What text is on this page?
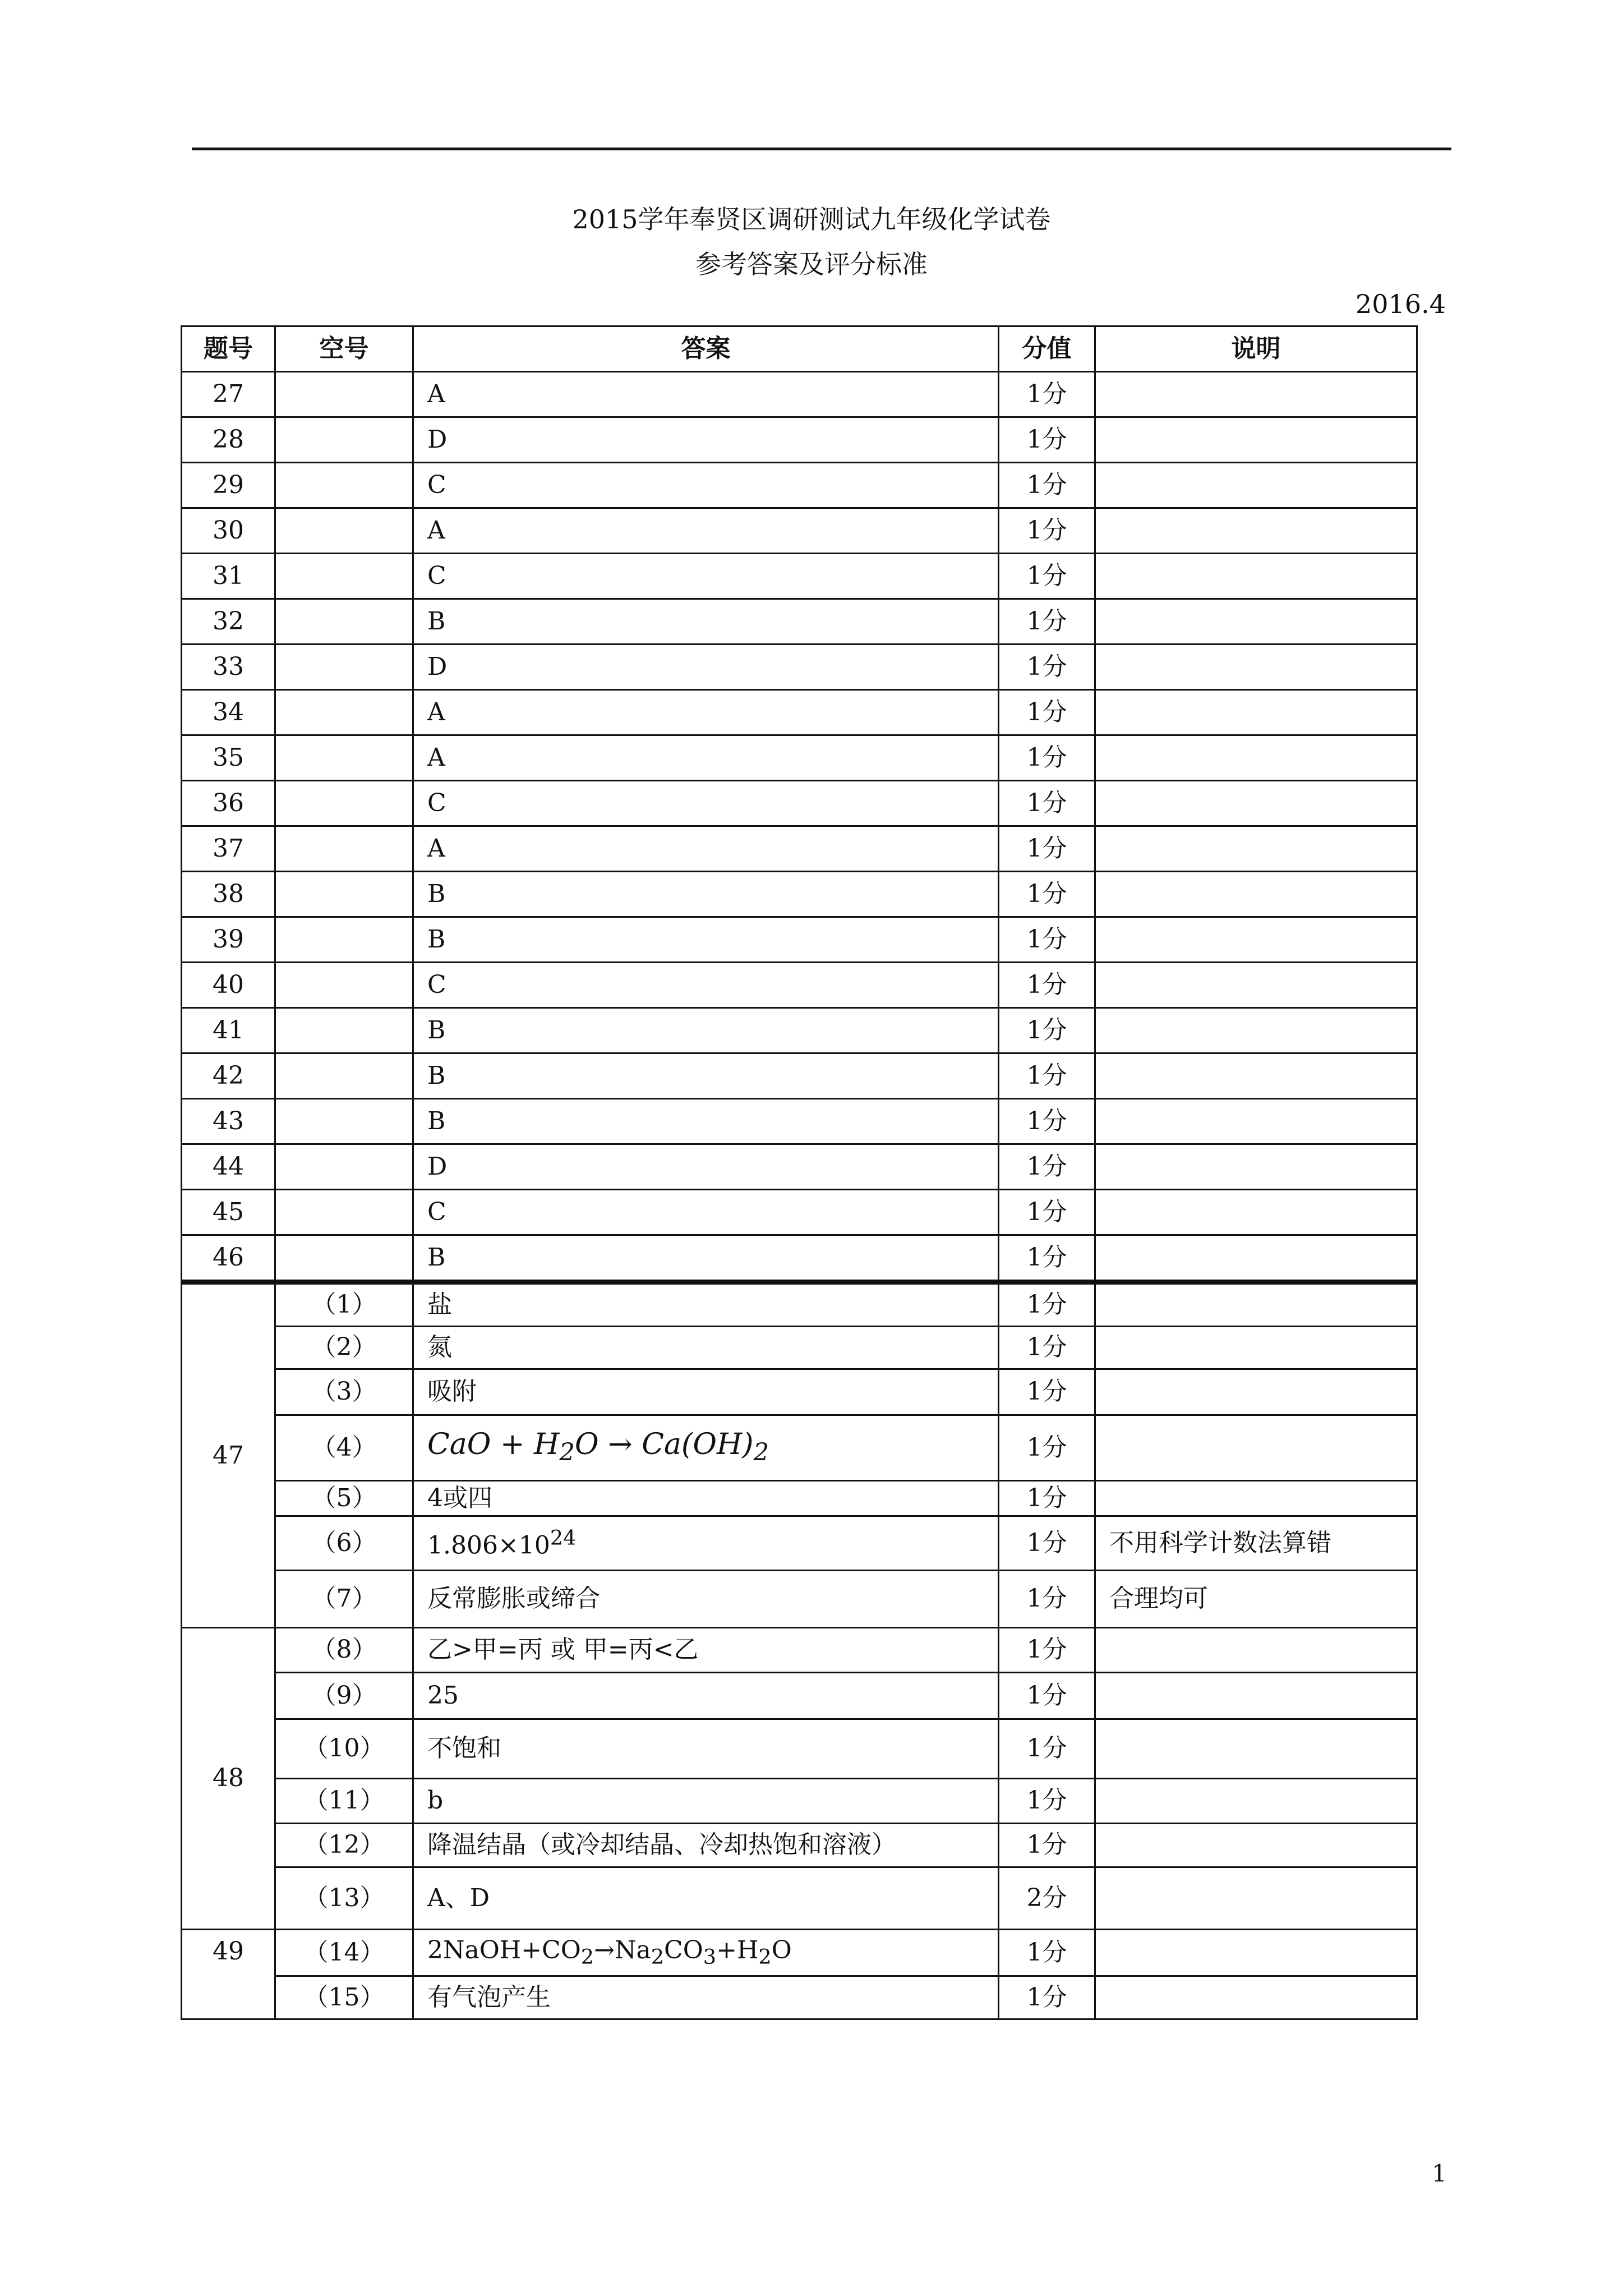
2015学年奉贤区调研测试九年级化学试卷
参考答案及评分标准
2016.4
题号	空号	答案	分值	说明
27		A	1分	
28		D	1分	
29		C	1分	
30		A	1分	
31		C	1分	
32		B	1分	
33		D	1分	
34		A	1分	
35		A	1分	
36		C	1分	
37		A	1分	
38		B	1分	
39		B	1分	
40		C	1分	
41		B	1分	
42		B	1分	
43		B	1分	
44		D	1分	
45		C	1分	
46		B	1分	
47	（1）	盐	1分	
	（2）	氮	1分	
	（3）	吸附	1分	
	（4）	CaO + $H_2O \to Ca(OH)_2$	1分	
	（5）	4或四	1分	
	（6）	$1.806\times 10^{24}$	1分	不用科学计数法算错
	（7）	反常膨胀或缔合	1分	合理均可
48	（8）	乙>甲=丙 或 甲=丙<乙	1分	
	（9）	25	1分	
	（10）	不饱和	1分	
	（11）	b	1分	
	（12）	降温结晶（或冷却结晶、冷却热饱和溶液）	1分	
	（13）	A、D	2分	
49	（14）	$2NaOH+CO_2\to Na_2CO_3+H_2O$	1分	
	（15）	有气泡产生	1分	
1
